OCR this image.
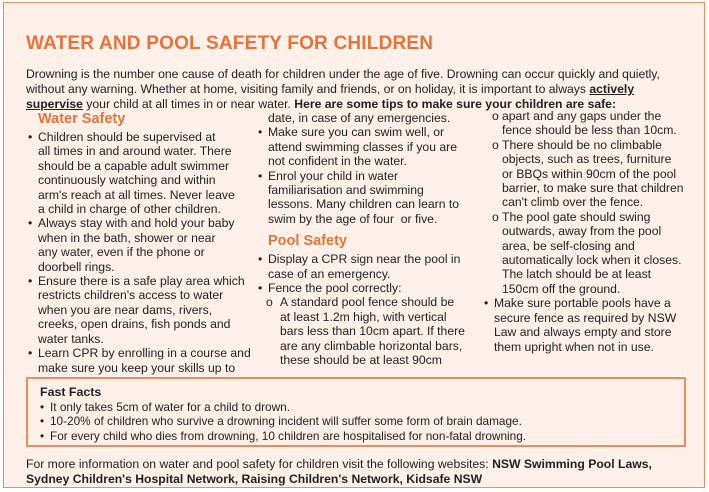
WATER AND POOL SAFETY FOR CHILDREN
Drowning is the number one cause of death for children under the age of five. Drowning can occur quickly and quietly, without any warning. Whether at home, visiting family and friends, or on holiday, it is important to always actively supervise your child at all times in or near water. Here are some tips to make sure your children are safe:
Water Safety
• Children should be supervised at
all times in and around water. There
should be a capable adult swimmer
continuously watching and within
arm's reach at all times. Never leave
a child in charge of other children.
• Always stay with and hold your baby
when in the bath, shower or near
any water, even if the phone or
doorbell rings.
• Ensure there is a safe play area which
restricts children's access to water
when you are near dams, rivers,
creeks, open drains, fish ponds and
water tanks.
• Learn CPR by enrolling in a course and
make sure you keep your skills up to
date, in case of any emergencies.
• Make sure you can swim well, or
attend swimming classes if you are
not confident in the water.
• Enrol your child in water
familiarisation and swimming
lessons. Many children can learn to
swim by the age of four  or five.
Pool Safety
• Display a CPR sign near the pool in
case of an emergency.
• Fence the pool correctly:
o A standard pool fence should be
at least 1.2m high, with vertical
bars less than 10cm apart. If there
are any climbable horizontal bars,
these should be at least 90cm
o apart and any gaps under the
fence should be less than 10cm.
o There should be no climbable
objects, such as trees, furniture
or BBQs within 90cm of the pool
barrier, to make sure that children
can't climb over the fence.
o The pool gate should swing
outwards, away from the pool
area, be self-closing and
automatically lock when it closes.
The latch should be at least
150cm off the ground.
• Make sure portable pools have a
secure fence as required by NSW
Law and always empty and store
them upright when not in use.
Fast Facts
• It only takes 5cm of water for a child to drown.
• 10-20% of children who survive a drowning incident will suffer some form of brain damage.
• For every child who dies from drowning, 10 children are hospitalised for non-fatal drowning.
For more information on water and pool safety for children visit the following websites: NSW Swimming Pool Laws, Sydney Children's Hospital Network, Raising Children's Network, Kidsafe NSW
